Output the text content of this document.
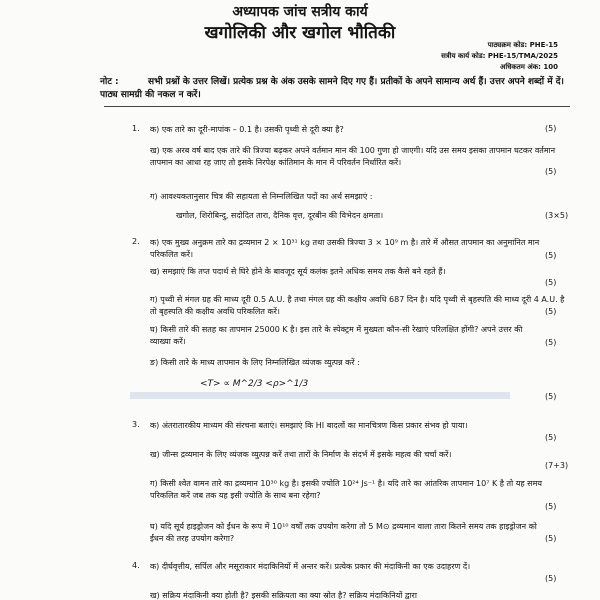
अध्यापक जांच सत्रीय कार्य
खगोलिकी और खगोल भौतिकी
पाठ्यक्रम कोड: PHE-15
सत्रीय कार्य कोड: PHE-15/TMA/2025
अधिकतम अंक: 100
नोट :	सभी प्रश्नों के उत्तर लिखें। प्रत्येक प्रश्न के अंक उसके सामने दिए गए हैं। प्रतीकों के अपने सामान्य अर्थ हैं। उत्तर अपने शब्दों में दें। पाठ्य सामग्री की नकल न करें।
1. क) एक तारे का दूरी-मापांक – 0.1 है। उसकी पृथ्वी से दूरी क्या है?	(5)
ख) एक अरब वर्ष बाद एक तारे की त्रिज्या बढ़कर अपने वर्तमान मान की 100 गुणा हो जाएगी। यदि उस समय इसका तापमान घटकर वर्तमान तापमान का आधा रह जाए तो इसके निरपेक्ष कांतिमान के मान में परिवर्तन निर्धारित करें।
(5)
ग) आवश्यकतानुसार चित्र की सहायता से निम्नलिखित पदों का अर्थ समझाएं :
खगोल, शिरोबिन्दु, सदोदित तारा, दैनिक वृत्त, दूरबीन की विभेदन क्षमता।	(3×5)
2. क) एक मुख्य अनुक्रम तारे का द्रव्यमान 2 × 10³¹ kg तथा उसकी त्रिज्या 3 × 10⁹ m है। तारे में औसत तापमान का अनुमानित मान परिकलित करें।	(5)
ख) समझाएं कि तप्त पदार्थ से घिरे होने के बावजूद सूर्य कलंक इतने अधिक समय तक कैसे बने रहते हैं।
(5)
ग) पृथ्वी से मंगल ग्रह की माध्य दूरी 0.5 A.U. है तथा मंगल ग्रह की कक्षीय अवधि 687 दिन है। यदि पृथ्वी से बृहस्पति की माध्य दूरी 4 A.U. है तो बृहस्पति की कक्षीय अवधि परिकलित करें।	(5)
घ) किसी तारे की सतह का तापमान 25000 K है। इस तारे के स्पेक्ट्रम में मुख्यतः कौन-सी रेखाएं परिलक्षित होंगी? अपने उत्तर की व्याख्या करें।	(5)
ङ) किसी तारे के माध्य तापमान के लिए निम्नलिखित व्यंजक व्युत्पन्न करें :
<T> ∝ M^2/3 <ρ>^1/3
(5)
3. क) अंतरातारकीय माध्यम की संरचना बताएं। समझाएं कि HI बादलों का मानचित्रण किस प्रकार संभव हो पाया।
(5)
ख) जीन्स द्रव्यमान के लिए व्यंजक व्युत्पन्न करें तथा तारों के निर्माण के संदर्भ में इसके महत्व की चर्चा करें।
(7+3)
ग) किसी श्वेत वामन तारे का द्रव्यमान 10³⁰ kg है। इसकी ज्योति 10²⁴ Js⁻¹ है। यदि तारे का आंतरिक तापमान 10⁷ K है तो यह समय परिकलित करें जब तक यह इसी ज्योति के साथ बना रहेगा?
(5)
घ) यदि सूर्य हाइड्रोजन को ईंधन के रूप में 10¹⁰ वर्षों तक उपयोग करेगा तो 5 M⊙ द्रव्यमान वाला तारा कितने समय तक हाइड्रोजन को ईंधन की तरह उपयोग करेगा?	(5)
4. क) दीर्घवृत्तीय, सर्पिल और मसूराकार मंदाकिनियों में अन्तर करें। प्रत्येक प्रकार की मंदाकिनी का एक उदाहरण दें।
(5)
ख) सक्रिय मंदाकिनी क्या होती है? इसकी सक्रियता का क्या स्रोत है? सक्रिय मंदाकिनियों द्वारा
